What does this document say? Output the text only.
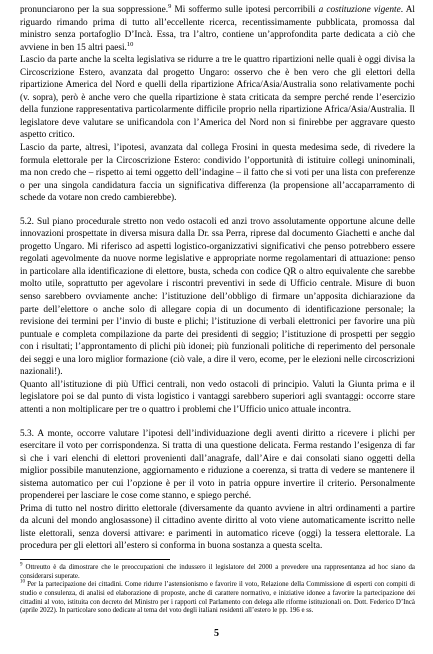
pronunciarono per la sua soppressione.$^9$ Mi soffermo sulle ipotesi percorribili a costituzione vigente. Al riguardo rimando prima di tutto all’eccellente ricerca, recentissimamente pubblicata, promossa dal ministro senza portafoglio D’Incà. Essa, tra l’altro, contiene un’approfondita parte dedicata a ciò che avviene in ben 15 altri paesi.$^{10}$

Lascio da parte anche la scelta legislativa se ridurre a tre le quattro ripartizioni nelle quali è oggi divisa la Circoscrizione Estero, avanzata dal progetto Ungaro: osservo che è ben vero che gli elettori della ripartizione America del Nord e quelli della ripartizione Africa/Asia/Australia sono relativamente pochi (v. sopra), però è anche vero che quella ripartizione è stata criticata da sempre perché rende l’esercizio della funzione rappresentativa particolarmente difficile proprio nella ripartizione Africa/Asia/Australia. Il legislatore deve valutare se unificandola con l’America del Nord non si finirebbe per aggravare questo aspetto critico.

Lascio da parte, altresì, l’ipotesi, avanzata dal collega Frosini in questa medesima sede, di rivedere la formula elettorale per la Circoscrizione Estero: condivido l’opportunità di istituire collegi uninominali, ma non credo che – rispetto ai temi oggetto dell’indagine – il fatto che si voti per una lista con preferenze o per una singola candidatura faccia un significativa differenza (la propensione all’accaparramento di schede da votare non credo cambierebbe).

5.2. Sul piano procedurale stretto non vedo ostacoli ed anzi trovo assolutamente opportune alcune delle innovazioni prospettate in diversa misura dalla Dr. ssa Perra, riprese dal documento Giachetti e anche dal progetto Ungaro. Mi riferisco ad aspetti logistico-organizzativi significativi che penso potrebbero essere regolati agevolmente da nuove norme legislative e appropriate norme regolamentari di attuazione: penso in particolare alla identificazione di elettore, busta, scheda con codice QR o altro equivalente che sarebbe molto utile, soprattutto per agevolare i riscontri preventivi in sede di Ufficio centrale. Misure di buon senso sarebbero ovviamente anche: l’istituzione dell’obbligo di firmare un’apposita dichiarazione da parte dell’elettore o anche solo di allegare copia di un documento di identificazione personale; la revisione dei termini per l’invio di buste e plichi; l’istituzione di verbali elettronici per favorire una più puntuale e completa compilazione da parte dei presidenti di seggio; l’istituzione di prospetti per seggio con i risultati; l’approntamento di plichi più idonei; più funzionali politiche di reperimento del personale dei seggi e una loro miglior formazione (ciò vale, a dire il vero, ecome, per le elezioni nelle circoscrizioni nazionali!).

Quanto all’istituzione di più Uffici centrali, non vedo ostacoli di principio. Valuti la Giunta prima e il legislatore poi se dal punto di vista logistico i vantaggi sarebbero superiori agli svantaggi: occorre stare attenti a non moltiplicare per tre o quattro i problemi che l’Ufficio unico attuale incontra.

5.3. A monte, occorre valutare l’ipotesi dell’individuazione degli aventi diritto a ricevere i plichi per esercitare il voto per corrispondenza. Si tratta di una questione delicata. Ferma restando l’esigenza di far sì che i vari elenchi di elettori provenienti dall’anagrafe, dall’Aire e dai consolati siano oggetti della miglior possibile manutenzione, aggiornamento e riduzione a coerenza, si tratta di vedere se mantenere il sistema automatico per cui l’opzione è per il voto in patria oppure invertire il criterio. Personalmente propenderei per lasciare le cose come stanno, e spiego perché.

Prima di tutto nel nostro diritto elettorale (diversamente da quanto avviene in altri ordinamenti a partire da alcuni del mondo anglosassone) il cittadino avente diritto al voto viene automaticamente iscritto nelle liste elettorali, senza doversi attivare: e parimenti in automatico riceve (oggi) la tessera elettorale. La procedura per gli elettori all’estero si conforma in buona sostanza a questa scelta.

$^9$ Ottreutto è da dimostrare che le preoccupazioni che indussero il legislatore del 2000 a prevedere una rappresentanza ad hoc siano da considerarsi superate.

$^{10}$ Per la partecipazione dei cittadini. Come ridurre l’astensionismo e favorire il voto, Relazione della Commissione di esperti con compiti di studio e consulenza, di analisi ed elaborazione di proposte, anche di carattere normativo, e iniziative idonee a favorire la partecipazione dei cittadini al voto, istituita con decreto del Ministro per i rapporti col Parlamento con delega alle riforme istituzionali on. Dott. Federico D’Incà (aprile 2022). In particolare sono dedicate al tema del voto degli italiani residenti all’estero le pp. 196 e ss.

5
